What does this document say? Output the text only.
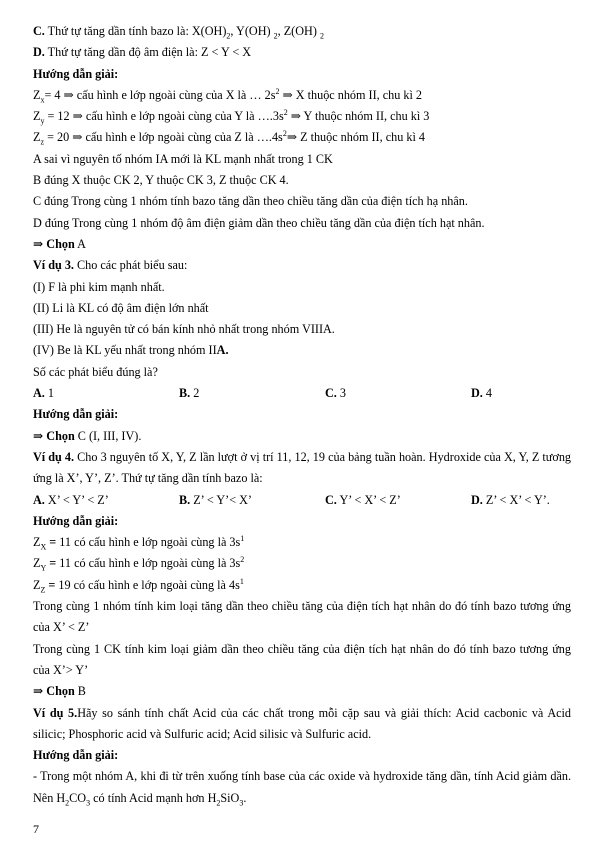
C. Thứ tự tăng dần tính bazo là: $X(OH)_2$, Y(OH) $_2$, Z(OH) $_2$
D. Thứ tự tăng dần độ âm điện là: Z < Y < X
Hướng dẫn giải:
$Z_x= 4$ ⇒ cấu hình e lớp ngoài cùng của X là … $2s^2$ ⇒ X thuộc nhóm II, chu kì 2
$Z_y = 12$ ⇒ cấu hình e lớp ngoài cùng của Y là $\dots.3s^2$ ⇒ Y thuộc nhóm II, chu kì 3
$Z_z = 20$ ⇒ cấu hình e lớp ngoài cùng của Z là $\dots.4s^2\Rightarrow$ Z thuộc nhóm II, chu kì 4
A sai vì nguyên tố nhóm IA mới là KL mạnh nhất trong 1 CK
B đúng X thuộc CK 2, Y thuộc CK 3, Z thuộc CK 4.
C đúng Trong cùng 1 nhóm tính bazo tăng dần theo chiều tăng dần của điện tích hạ nhân.
D đúng Trong cùng 1 nhóm độ âm điện giảm dần theo chiều tăng dần của điện tích hạt nhân.
⇒ Chọn A
Ví dụ 3. Cho các phát biểu sau:
(I) F là phi kim mạnh nhất.
(II) Li là KL có độ âm điện lớn nhất
(III) He là nguyên tử có bán kính nhỏ nhất trong nhóm VIIIA.
(IV) Be là KL yếu nhất trong nhóm IIA.
Số các phát biểu đúng là?
A. 1	B. 2	C. 3	D. 4
Hướng dẫn giải:
⇒ Chọn C (I, III, IV).
Ví dụ 4. Cho 3 nguyên tố X, Y, Z lần lượt ở vị trí 11, 12, 19 của bảng tuần hoàn. Hydroxide của X, Y, Z tương ứng là X’, Y’, Z’. Thứ tự tăng dần tính bazo là:
A. X’ < Y’ < Z’	B. Z’ < Y’< X’	C. Y’ < X’ < Z’	D. Z’ < X’ < Y’.
Hướng dẫn giải:
$Z_X = 11$ có cấu hình e lớp ngoài cùng là $3s^1$
$Z_Y = 11$ có cấu hình e lớp ngoài cùng là $3s^2$
$Z_Z = 19$ có cấu hình e lớp ngoài cùng là $4s^1$
Trong cùng 1 nhóm tính kim loại tăng dần theo chiều tăng của điện tích hạt nhân do đó tính bazo tương ứng của X’ < Z’
Trong cùng 1 CK tính kim loại giảm dần theo chiều tăng của điện tích hạt nhân do đó tính bazo tương ứng của X’> Y’
⇒ Chọn B
Ví dụ 5.Hãy so sánh tính chất Acid của các chất trong mỗi cặp sau và giải thích: Acid cacbonic và Acid silicic; Phosphoric acid và Sulfuric acid; Acid silisic và Sulfuric acid.
Hướng dẫn giải:
- Trong một nhóm A, khi đi từ trên xuống tính base của các oxide và hydroxide tăng dần, tính Acid giảm dần. Nên $H_2CO_3$ có tính Acid mạnh hơn $H_2SiO_3$.
7
